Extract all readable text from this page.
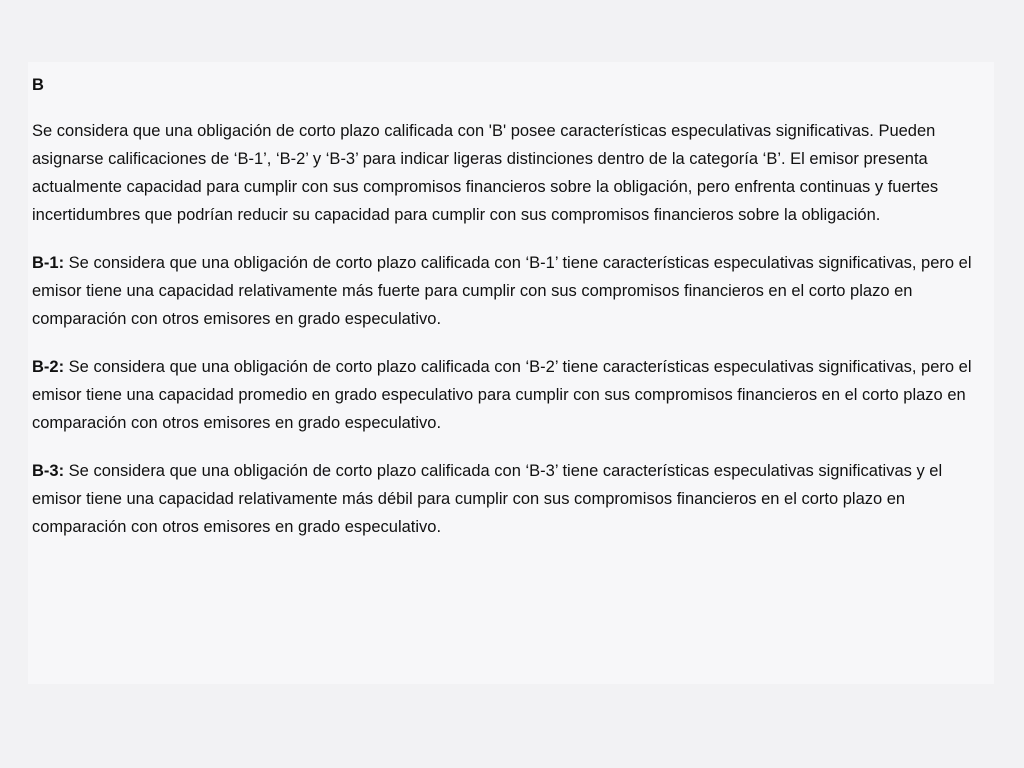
B
Se considera que una obligación de corto plazo calificada con 'B' posee características especulativas significativas. Pueden asignarse calificaciones de ‘B-1’, ‘B-2’ y ‘B-3’ para indicar ligeras distinciones dentro de la categoría ‘B’. El emisor presenta actualmente capacidad para cumplir con sus compromisos financieros sobre la obligación, pero enfrenta continuas y fuertes incertidumbres que podrían reducir su capacidad para cumplir con sus compromisos financieros sobre la obligación.
B-1: Se considera que una obligación de corto plazo calificada con ‘B-1’ tiene características especulativas significativas, pero el emisor tiene una capacidad relativamente más fuerte para cumplir con sus compromisos financieros en el corto plazo en comparación con otros emisores en grado especulativo.
B-2: Se considera que una obligación de corto plazo calificada con ‘B-2’ tiene características especulativas significativas, pero el emisor tiene una capacidad promedio en grado especulativo para cumplir con sus compromisos financieros en el corto plazo en comparación con otros emisores en grado especulativo.
B-3: Se considera que una obligación de corto plazo calificada con ‘B-3’ tiene características especulativas significativas y el emisor tiene una capacidad relativamente más débil para cumplir con sus compromisos financieros en el corto plazo en comparación con otros emisores en grado especulativo.
